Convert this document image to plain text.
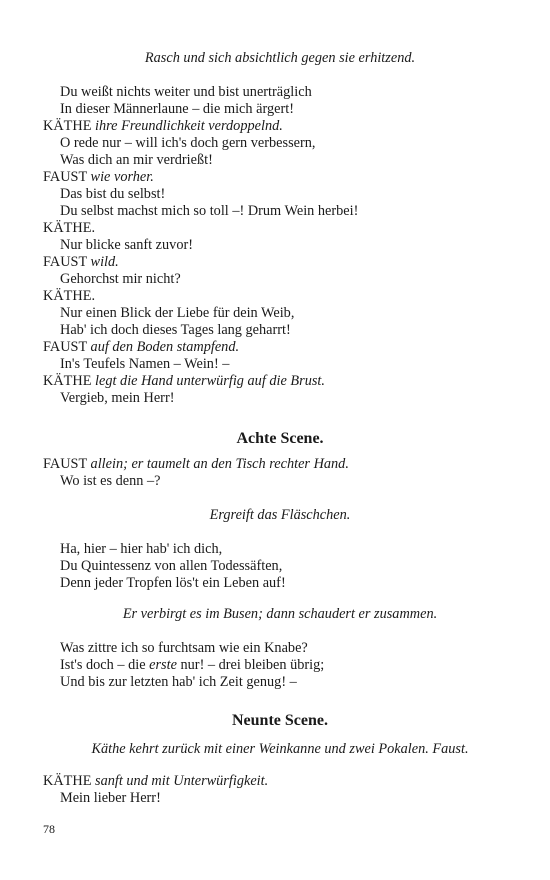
Rasch und sich absichtlich gegen sie erhitzend.
Du weißt nichts weiter und bist unerträglich
In dieser Männerlaune – die mich ärgert!
KÄTHE ihre Freundlichkeit verdoppelnd.
O rede nur – will ich's doch gern verbessern,
Was dich an mir verdrießt!
FAUST wie vorher.
Das bist du selbst!
Du selbst machst mich so toll –! Drum Wein herbei!
KÄTHE.
Nur blicke sanft zuvor!
FAUST wild.
Gehorchst mir nicht?
KÄTHE.
Nur einen Blick der Liebe für dein Weib,
Hab' ich doch dieses Tages lang geharrt!
FAUST auf den Boden stampfend.
In's Teufels Namen – Wein! –
KÄTHE legt die Hand unterwürfig auf die Brust.
Vergieb, mein Herr!
Achte Scene.
FAUST allein; er taumelt an den Tisch rechter Hand.
Wo ist es denn –?
Ergreift das Fläschchen.
Ha, hier – hier hab' ich dich,
Du Quintessenz von allen Todessäften,
Denn jeder Tropfen lös't ein Leben auf!
Er verbirgt es im Busen; dann schaudert er zusammen.
Was zittre ich so furchtsam wie ein Knabe?
Ist's doch – die erste nur! – drei bleiben übrig;
Und bis zur letzten hab' ich Zeit genug! –
Neunte Scene.
Käthe kehrt zurück mit einer Weinkanne und zwei Pokalen. Faust.
KÄTHE sanft und mit Unterwürfigkeit.
Mein lieber Herr!
78
